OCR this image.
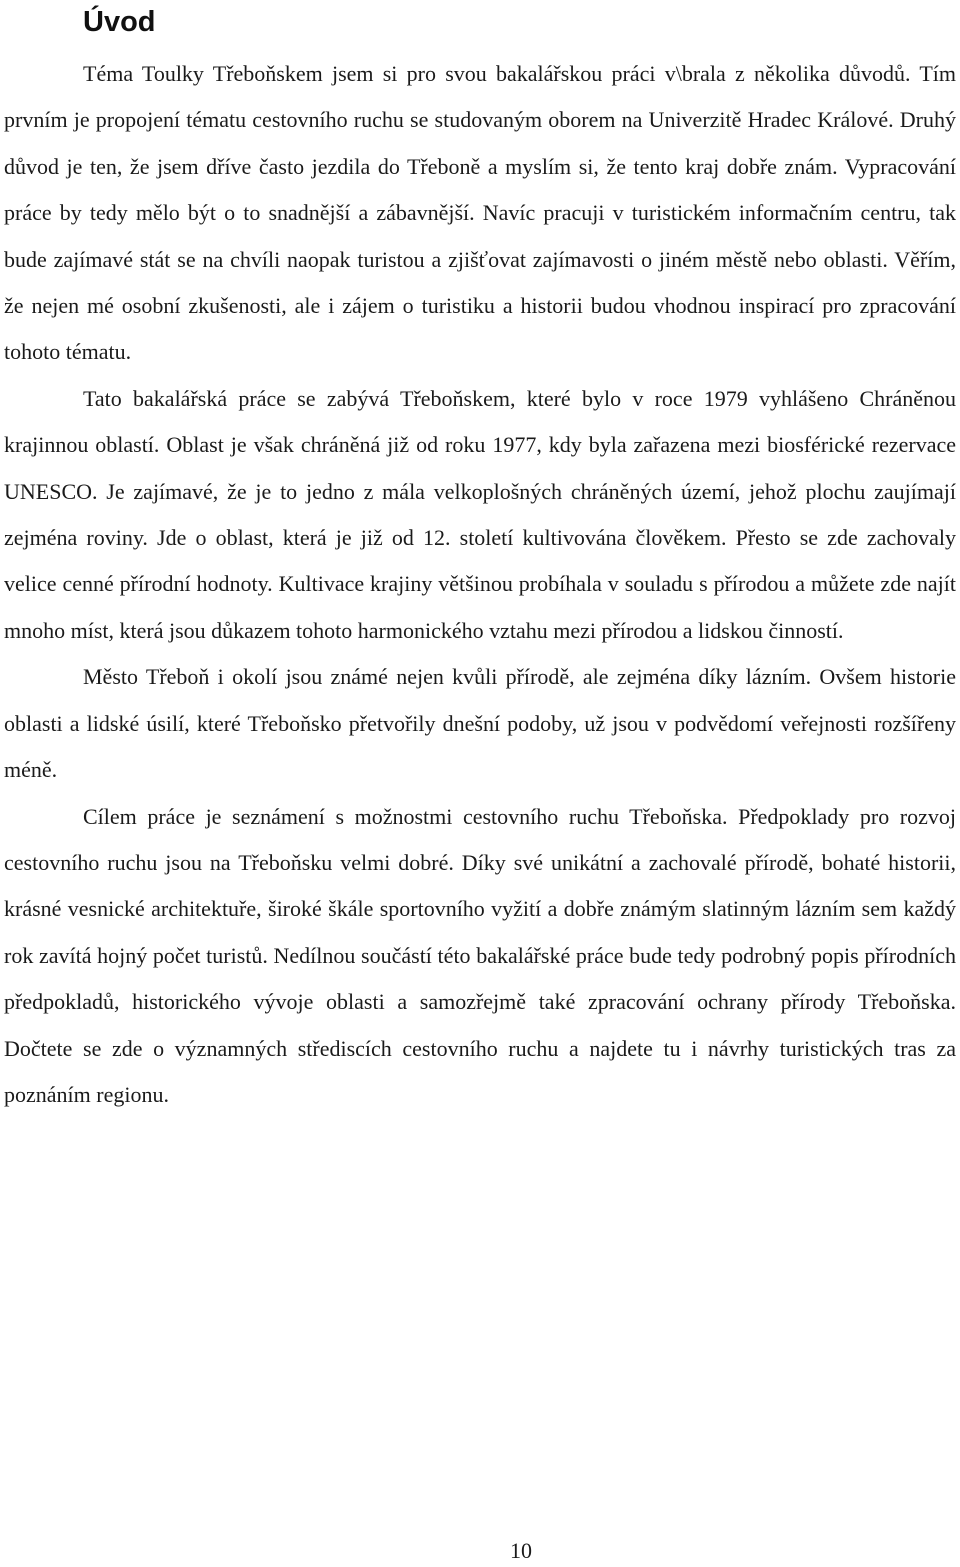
Úvod

Téma Toulky Třeboňskem jsem si pro svou bakalářskou práci v\brala z několika důvodů. Tím prvním je propojení tématu cestovního ruchu se studovaným oborem na Univerzitě Hradec Králové. Druhý důvod je ten, že jsem dříve často jezdila do Třeboně a myslím si, že tento kraj dobře znám. Vypracování práce by tedy mělo být o to snadnější a zábavnější. Navíc pracuji v turistickém informačním centru, tak bude zajímavé stát se na chvíli naopak turistou a zjišťovat zajímavosti o jiném městě nebo oblasti. Věřím, že nejen mé osobní zkušenosti, ale i zájem o turistiku a historii budou vhodnou inspirací pro zpracování tohoto tématu.

Tato bakalářská práce se zabývá Třeboňskem, které bylo v roce 1979 vyhlášeno Chráněnou krajinnou oblastí. Oblast je však chráněná již od roku 1977, kdy byla zařazena mezi biosférické rezervace UNESCO. Je zajímavé, že je to jedno z mála velkoplošných chráněných území, jehož plochu zaujímají zejména roviny. Jde o oblast, která je již od 12. století kultivována člověkem. Přesto se zde zachovaly velice cenné přírodní hodnoty. Kultivace krajiny většinou probíhala v souladu s přírodou a můžete zde najít mnoho míst, která jsou důkazem tohoto harmonického vztahu mezi přírodou a lidskou činností.

Město Třeboň i okolí jsou známé nejen kvůli přírodě, ale zejména díky lázním. Ovšem historie oblasti a lidské úsilí, které Třeboňsko přetvořily dnešní podoby, už jsou v podvědomí veřejnosti rozšířeny méně.

Cílem práce je seznámení s možnostmi cestovního ruchu Třeboňska. Předpoklady pro rozvoj cestovního ruchu jsou na Třeboňsku velmi dobré. Díky své unikátní a zachovalé přírodě, bohaté historii, krásné vesnické architektuře, široké škále sportovního vyžití a dobře známým slatinným lázním sem každý rok zavítá hojný počet turistů. Nedílnou součástí této bakalářské práce bude tedy podrobný popis přírodních předpokladů, historického vývoje oblasti a samozřejmě také zpracování ochrany přírody Třeboňska. Dočtete se zde o významných střediscích cestovního ruchu a najdete tu i návrhy turistických tras za poznáním regionu.

10
